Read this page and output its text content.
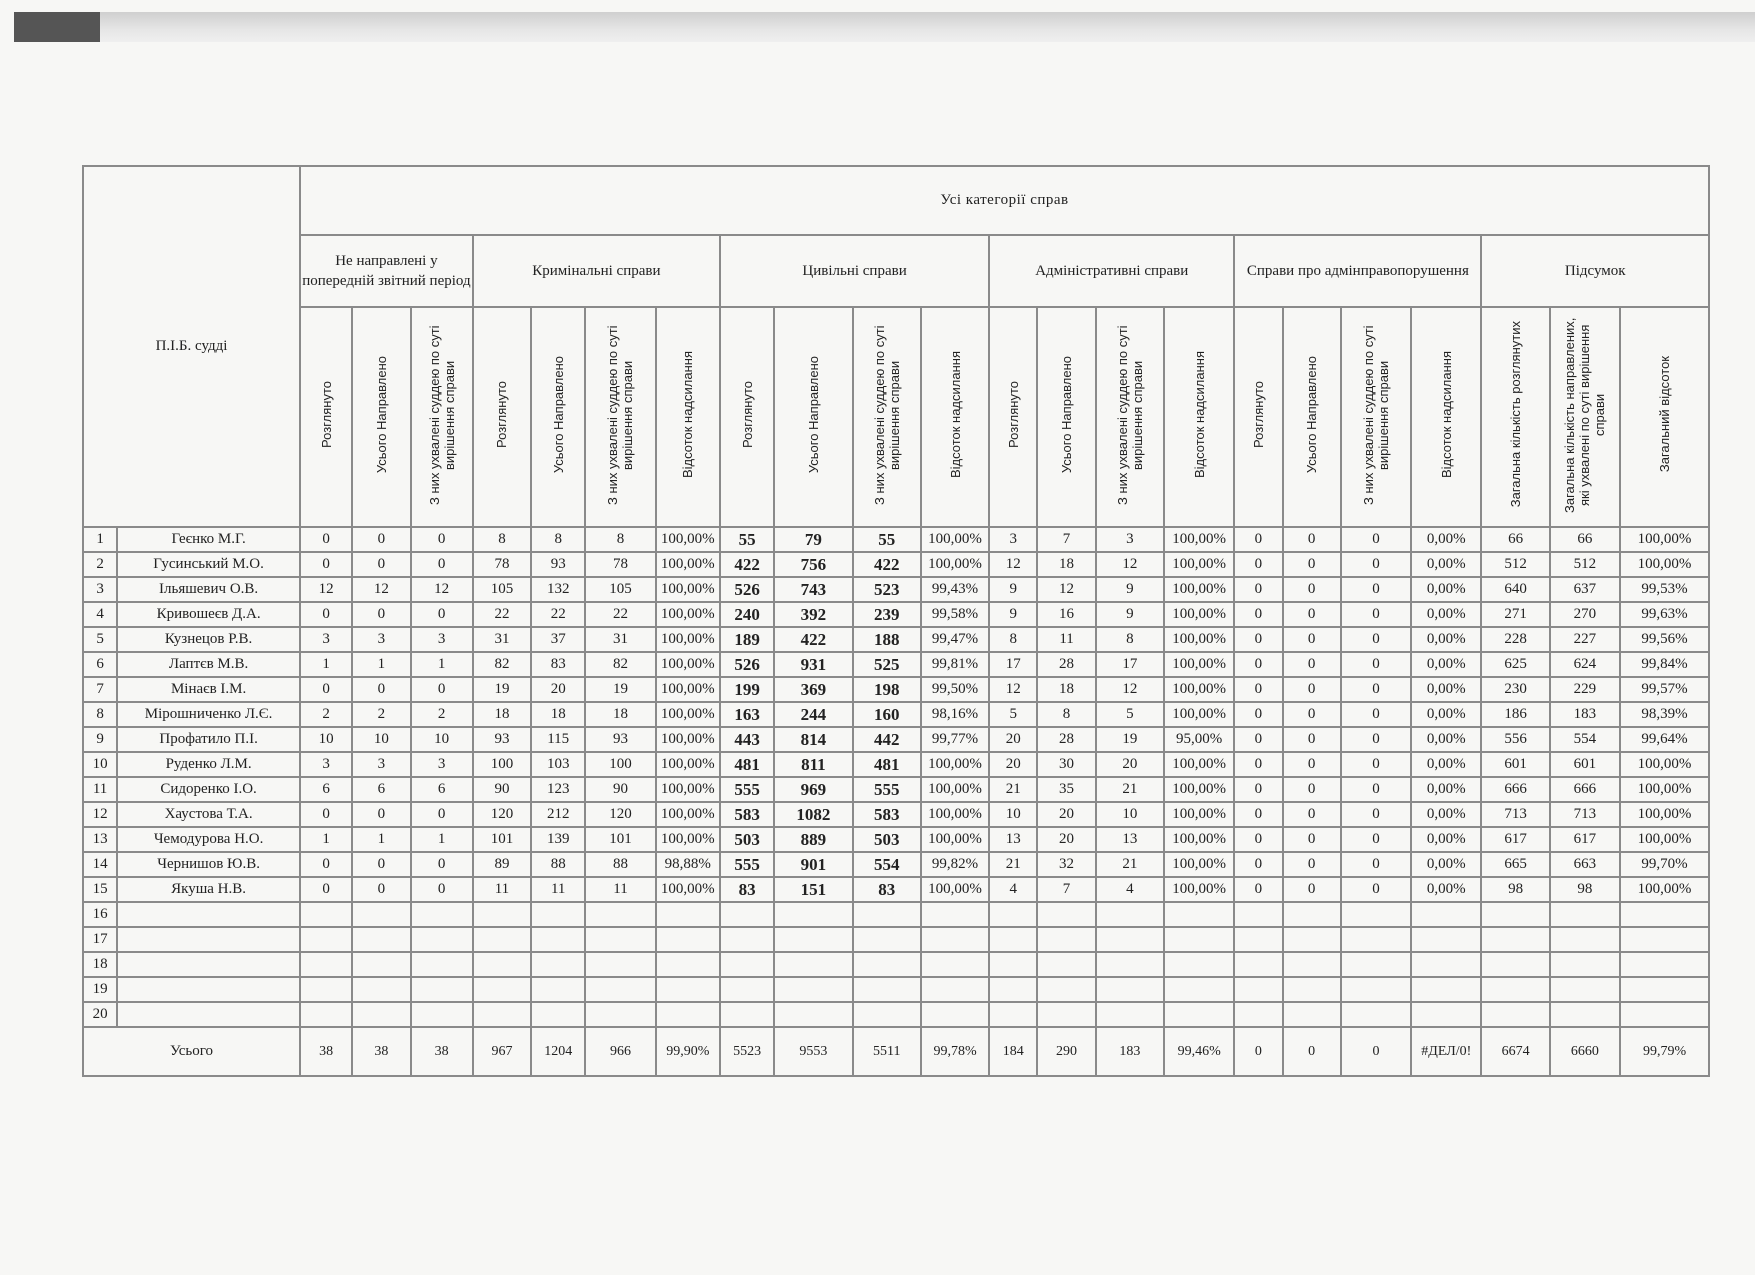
П.І.Б. судді		Усі категорії справ																					
		Не направлені у попередній звітний період			Кримінальні справи				Цивільні справи				Адміністративні справи				Справи про адмінправопорушення				Підсумок		
		Розглянуто	Усього Направлено	З них ухвалені суддею по суті вирішення справи	Розглянуто	Усього Направлено	З них ухвалені суддею по суті вирішення справи	Відсоток надсилання	Розглянуто	Усього Направлено	З них ухвалені суддею по суті вирішення справи	Відсоток надсилання	Розглянуто	Усього Направлено	З них ухвалені суддею по суті вирішення справи	Відсоток надсилання	Розглянуто	Усього Направлено	З них ухвалені суддею по суті вирішення справи	Відсоток надсилання	Загальна кількість розглянутих	Загальна кількість направлених, які ухвалені по суті вирішення справи	Загальний відсоток
1	Геєнко М.Г.	0	0	0	8	8	8	100,00%	55	79	55	100,00%	3	7	3	100,00%	0	0	0	0,00%	66	66	100,00%
2	Гусинський М.О.	0	0	0	78	93	78	100,00%	422	756	422	100,00%	12	18	12	100,00%	0	0	0	0,00%	512	512	100,00%
3	Ільяшевич О.В.	12	12	12	105	132	105	100,00%	526	743	523	99,43%	9	12	9	100,00%	0	0	0	0,00%	640	637	99,53%
4	Кривошеєв Д.А.	0	0	0	22	22	22	100,00%	240	392	239	99,58%	9	16	9	100,00%	0	0	0	0,00%	271	270	99,63%
5	Кузнецов Р.В.	3	3	3	31	37	31	100,00%	189	422	188	99,47%	8	11	8	100,00%	0	0	0	0,00%	228	227	99,56%
6	Лаптєв М.В.	1	1	1	82	83	82	100,00%	526	931	525	99,81%	17	28	17	100,00%	0	0	0	0,00%	625	624	99,84%
7	Мінаєв І.М.	0	0	0	19	20	19	100,00%	199	369	198	99,50%	12	18	12	100,00%	0	0	0	0,00%	230	229	99,57%
8	Мірошниченко Л.Є.	2	2	2	18	18	18	100,00%	163	244	160	98,16%	5	8	5	100,00%	0	0	0	0,00%	186	183	98,39%
9	Профатило П.І.	10	10	10	93	115	93	100,00%	443	814	442	99,77%	20	28	19	95,00%	0	0	0	0,00%	556	554	99,64%
10	Руденко Л.М.	3	3	3	100	103	100	100,00%	481	811	481	100,00%	20	30	20	100,00%	0	0	0	0,00%	601	601	100,00%
11	Сидоренко І.О.	6	6	6	90	123	90	100,00%	555	969	555	100,00%	21	35	21	100,00%	0	0	0	0,00%	666	666	100,00%
12	Хаустова Т.А.	0	0	0	120	212	120	100,00%	583	1082	583	100,00%	10	20	10	100,00%	0	0	0	0,00%	713	713	100,00%
13	Чемодурова Н.О.	1	1	1	101	139	101	100,00%	503	889	503	100,00%	13	20	13	100,00%	0	0	0	0,00%	617	617	100,00%
14	Чернишов Ю.В.	0	0	0	89	88	88	98,88%	555	901	554	99,82%	21	32	21	100,00%	0	0	0	0,00%	665	663	99,70%
15	Якуша Н.В.	0	0	0	11	11	11	100,00%	83	151	83	100,00%	4	7	4	100,00%	0	0	0	0,00%	98	98	100,00%
16																							
17																							
18																							
19																							
20																							
Усього		38	38	38	967	1204	966	99,90%	5523	9553	5511	99,78%	184	290	183	99,46%	0	0	0	#ДЕЛ/0!	6674	6660	99,79%
